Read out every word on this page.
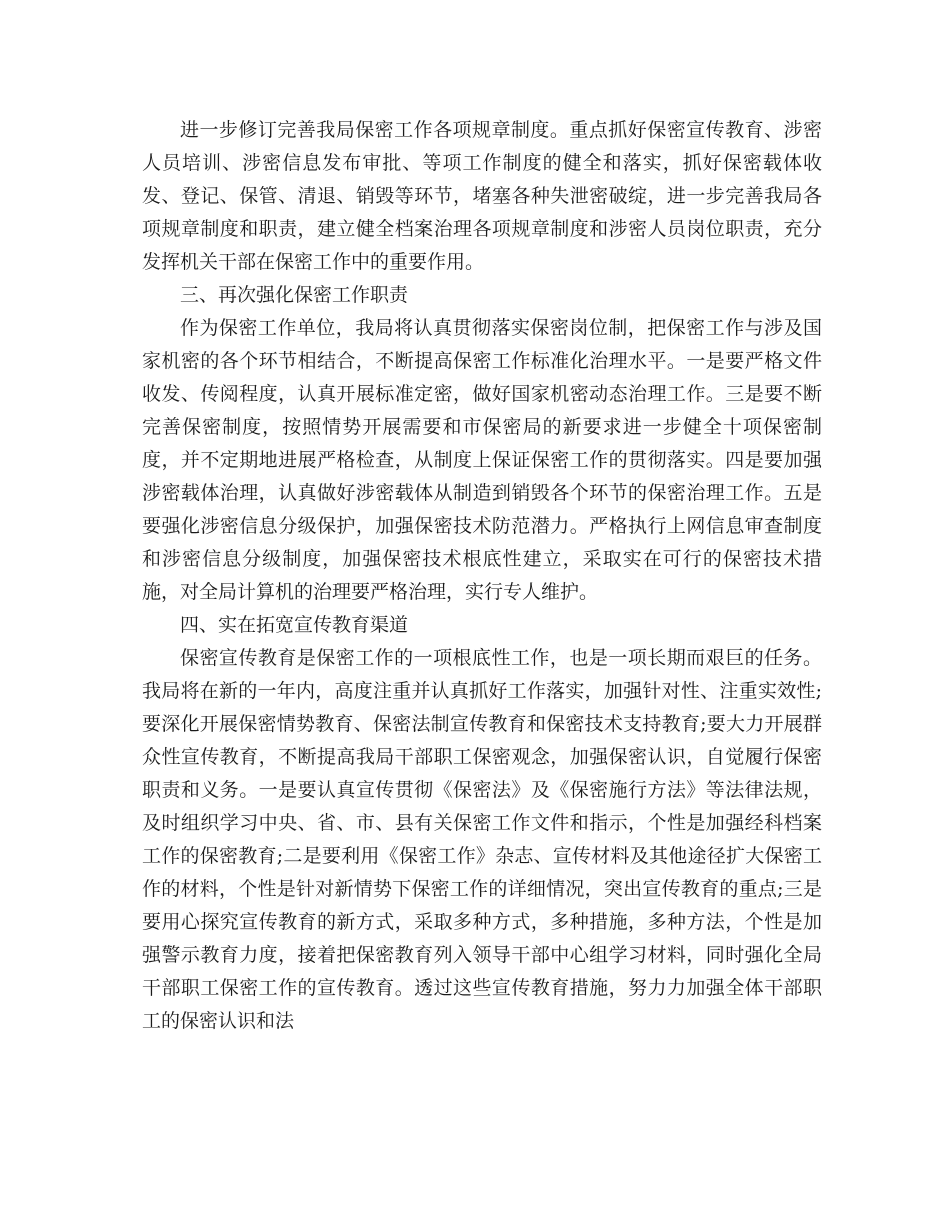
进一步修订完善我局保密工作各项规章制度。重点抓好保密宣传教育、涉密人员培训、涉密信息发布审批、等项工作制度的健全和落实，抓好保密载体收发、登记、保管、清退、销毁等环节，堵塞各种失泄密破绽，进一步完善我局各项规章制度和职责，建立健全档案治理各项规章制度和涉密人员岗位职责，充分发挥机关干部在保密工作中的重要作用。

三、再次强化保密工作职责

作为保密工作单位，我局将认真贯彻落实保密岗位制，把保密工作与涉及国家机密的各个环节相结合，不断提高保密工作标准化治理水平。一是要严格文件收发、传阅程度，认真开展标准定密，做好国家机密动态治理工作。三是要不断完善保密制度，按照情势开展需要和市保密局的新要求进一步健全十项保密制度，并不定期地进展严格检查，从制度上保证保密工作的贯彻落实。四是要加强涉密载体治理，认真做好涉密载体从制造到销毁各个环节的保密治理工作。五是要强化涉密信息分级保护，加强保密技术防范潜力。严格执行上网信息审查制度和涉密信息分级制度，加强保密技术根底性建立，采取实在可行的保密技术措施，对全局计算机的治理要严格治理，实行专人维护。

四、实在拓宽宣传教育渠道

保密宣传教育是保密工作的一项根底性工作，也是一项长期而艰巨的任务。我局将在新的一年内，高度注重并认真抓好工作落实，加强针对性、注重实效性;要深化开展保密情势教育、保密法制宣传教育和保密技术支持教育;要大力开展群众性宣传教育，不断提高我局干部职工保密观念，加强保密认识，自觉履行保密职责和义务。一是要认真宣传贯彻《保密法》及《保密施行方法》等法律法规，及时组织学习中央、省、市、县有关保密工作文件和指示，个性是加强经科档案工作的保密教育;二是要利用《保密工作》杂志、宣传材料及其他途径扩大保密工作的材料，个性是针对新情势下保密工作的详细情况，突出宣传教育的重点;三是要用心探究宣传教育的新方式，采取多种方式，多种措施，多种方法，个性是加强警示教育力度，接着把保密教育列入领导干部中心组学习材料，同时强化全局干部职工保密工作的宣传教育。透过这些宣传教育措施，努力力加强全体干部职工的保密认识和法
